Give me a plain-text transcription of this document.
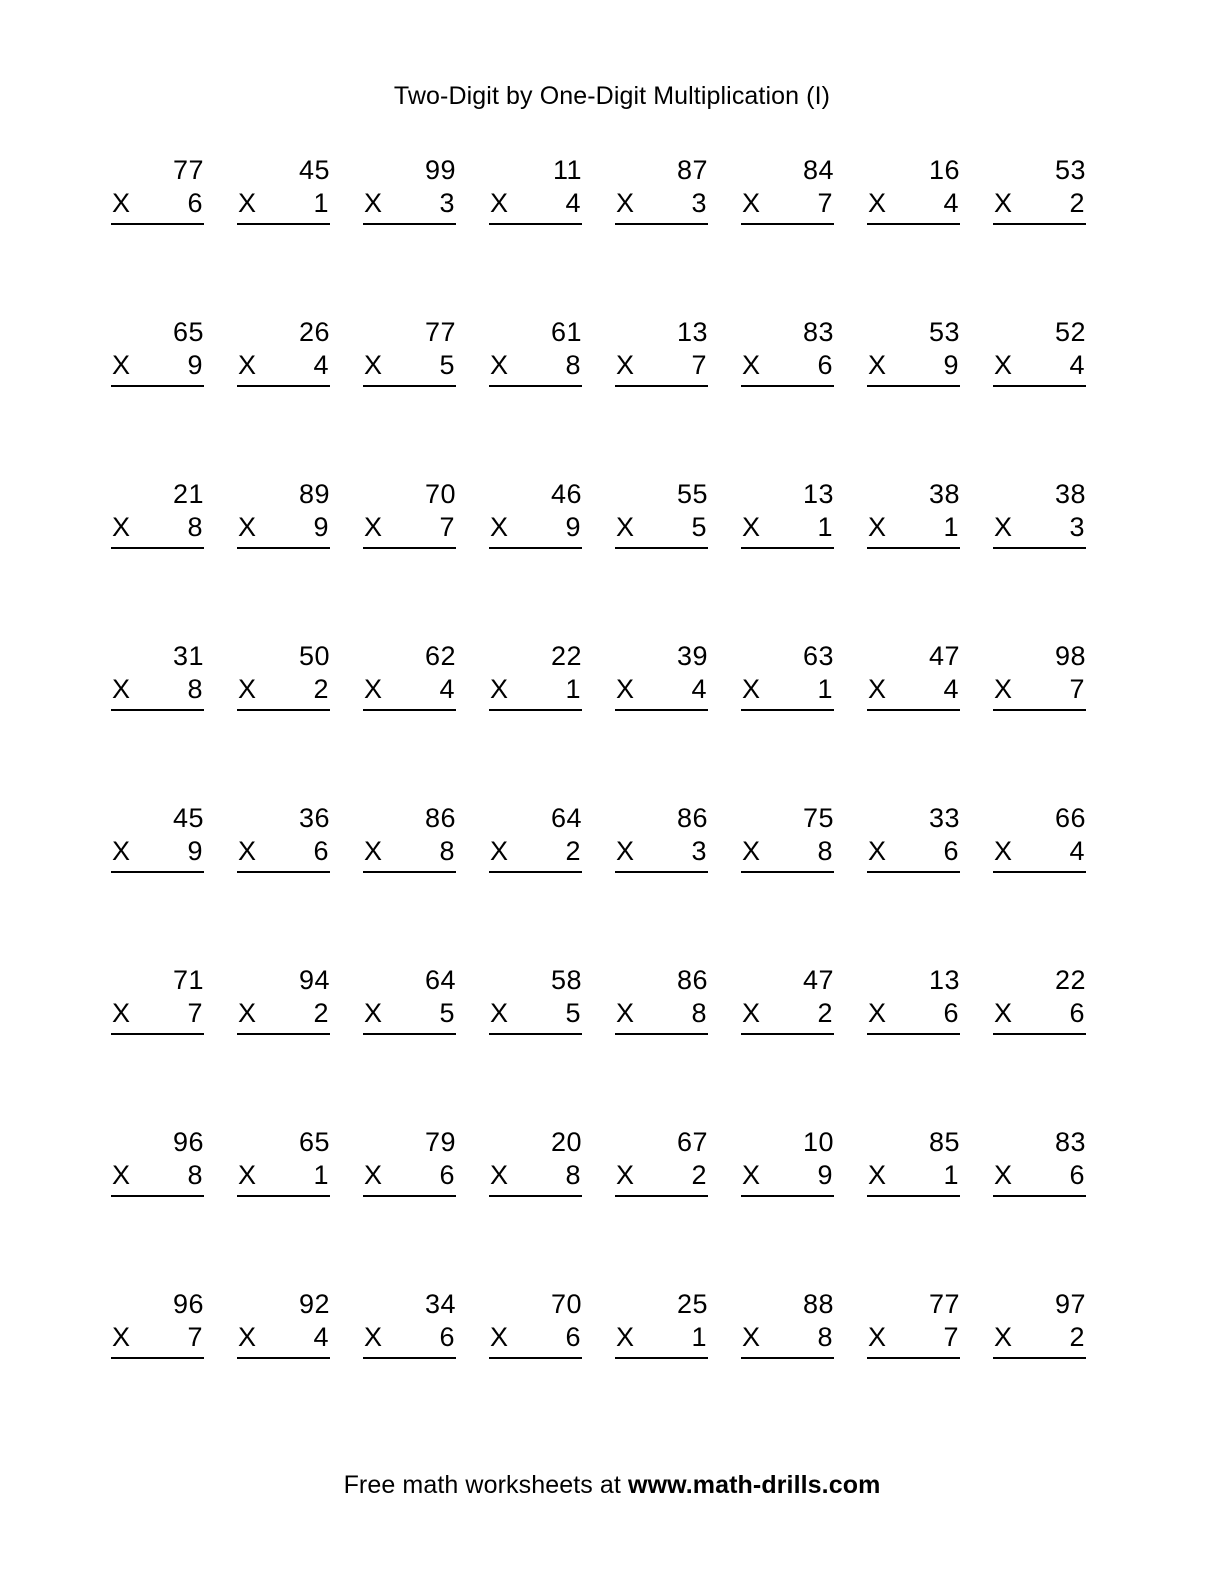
Two-Digit by One-Digit Multiplication (I)
77
X 6
45
X 1
99
X 3
11
X 4
87
X 3
84
X 7
16
X 4
53
X 2
65
X 9
26
X 4
77
X 5
61
X 8
13
X 7
83
X 6
53
X 9
52
X 4
21
X 8
89
X 9
70
X 7
46
X 9
55
X 5
13
X 1
38
X 1
38
X 3
31
X 8
50
X 2
62
X 4
22
X 1
39
X 4
63
X 1
47
X 4
98
X 7
45
X 9
36
X 6
86
X 8
64
X 2
86
X 3
75
X 8
33
X 6
66
X 4
71
X 7
94
X 2
64
X 5
58
X 5
86
X 8
47
X 2
13
X 6
22
X 6
96
X 8
65
X 1
79
X 6
20
X 8
67
X 2
10
X 9
85
X 1
83
X 6
96
X 7
92
X 4
34
X 6
70
X 6
25
X 1
88
X 8
77
X 7
97
X 2
Free math worksheets at www.math-drills.com
